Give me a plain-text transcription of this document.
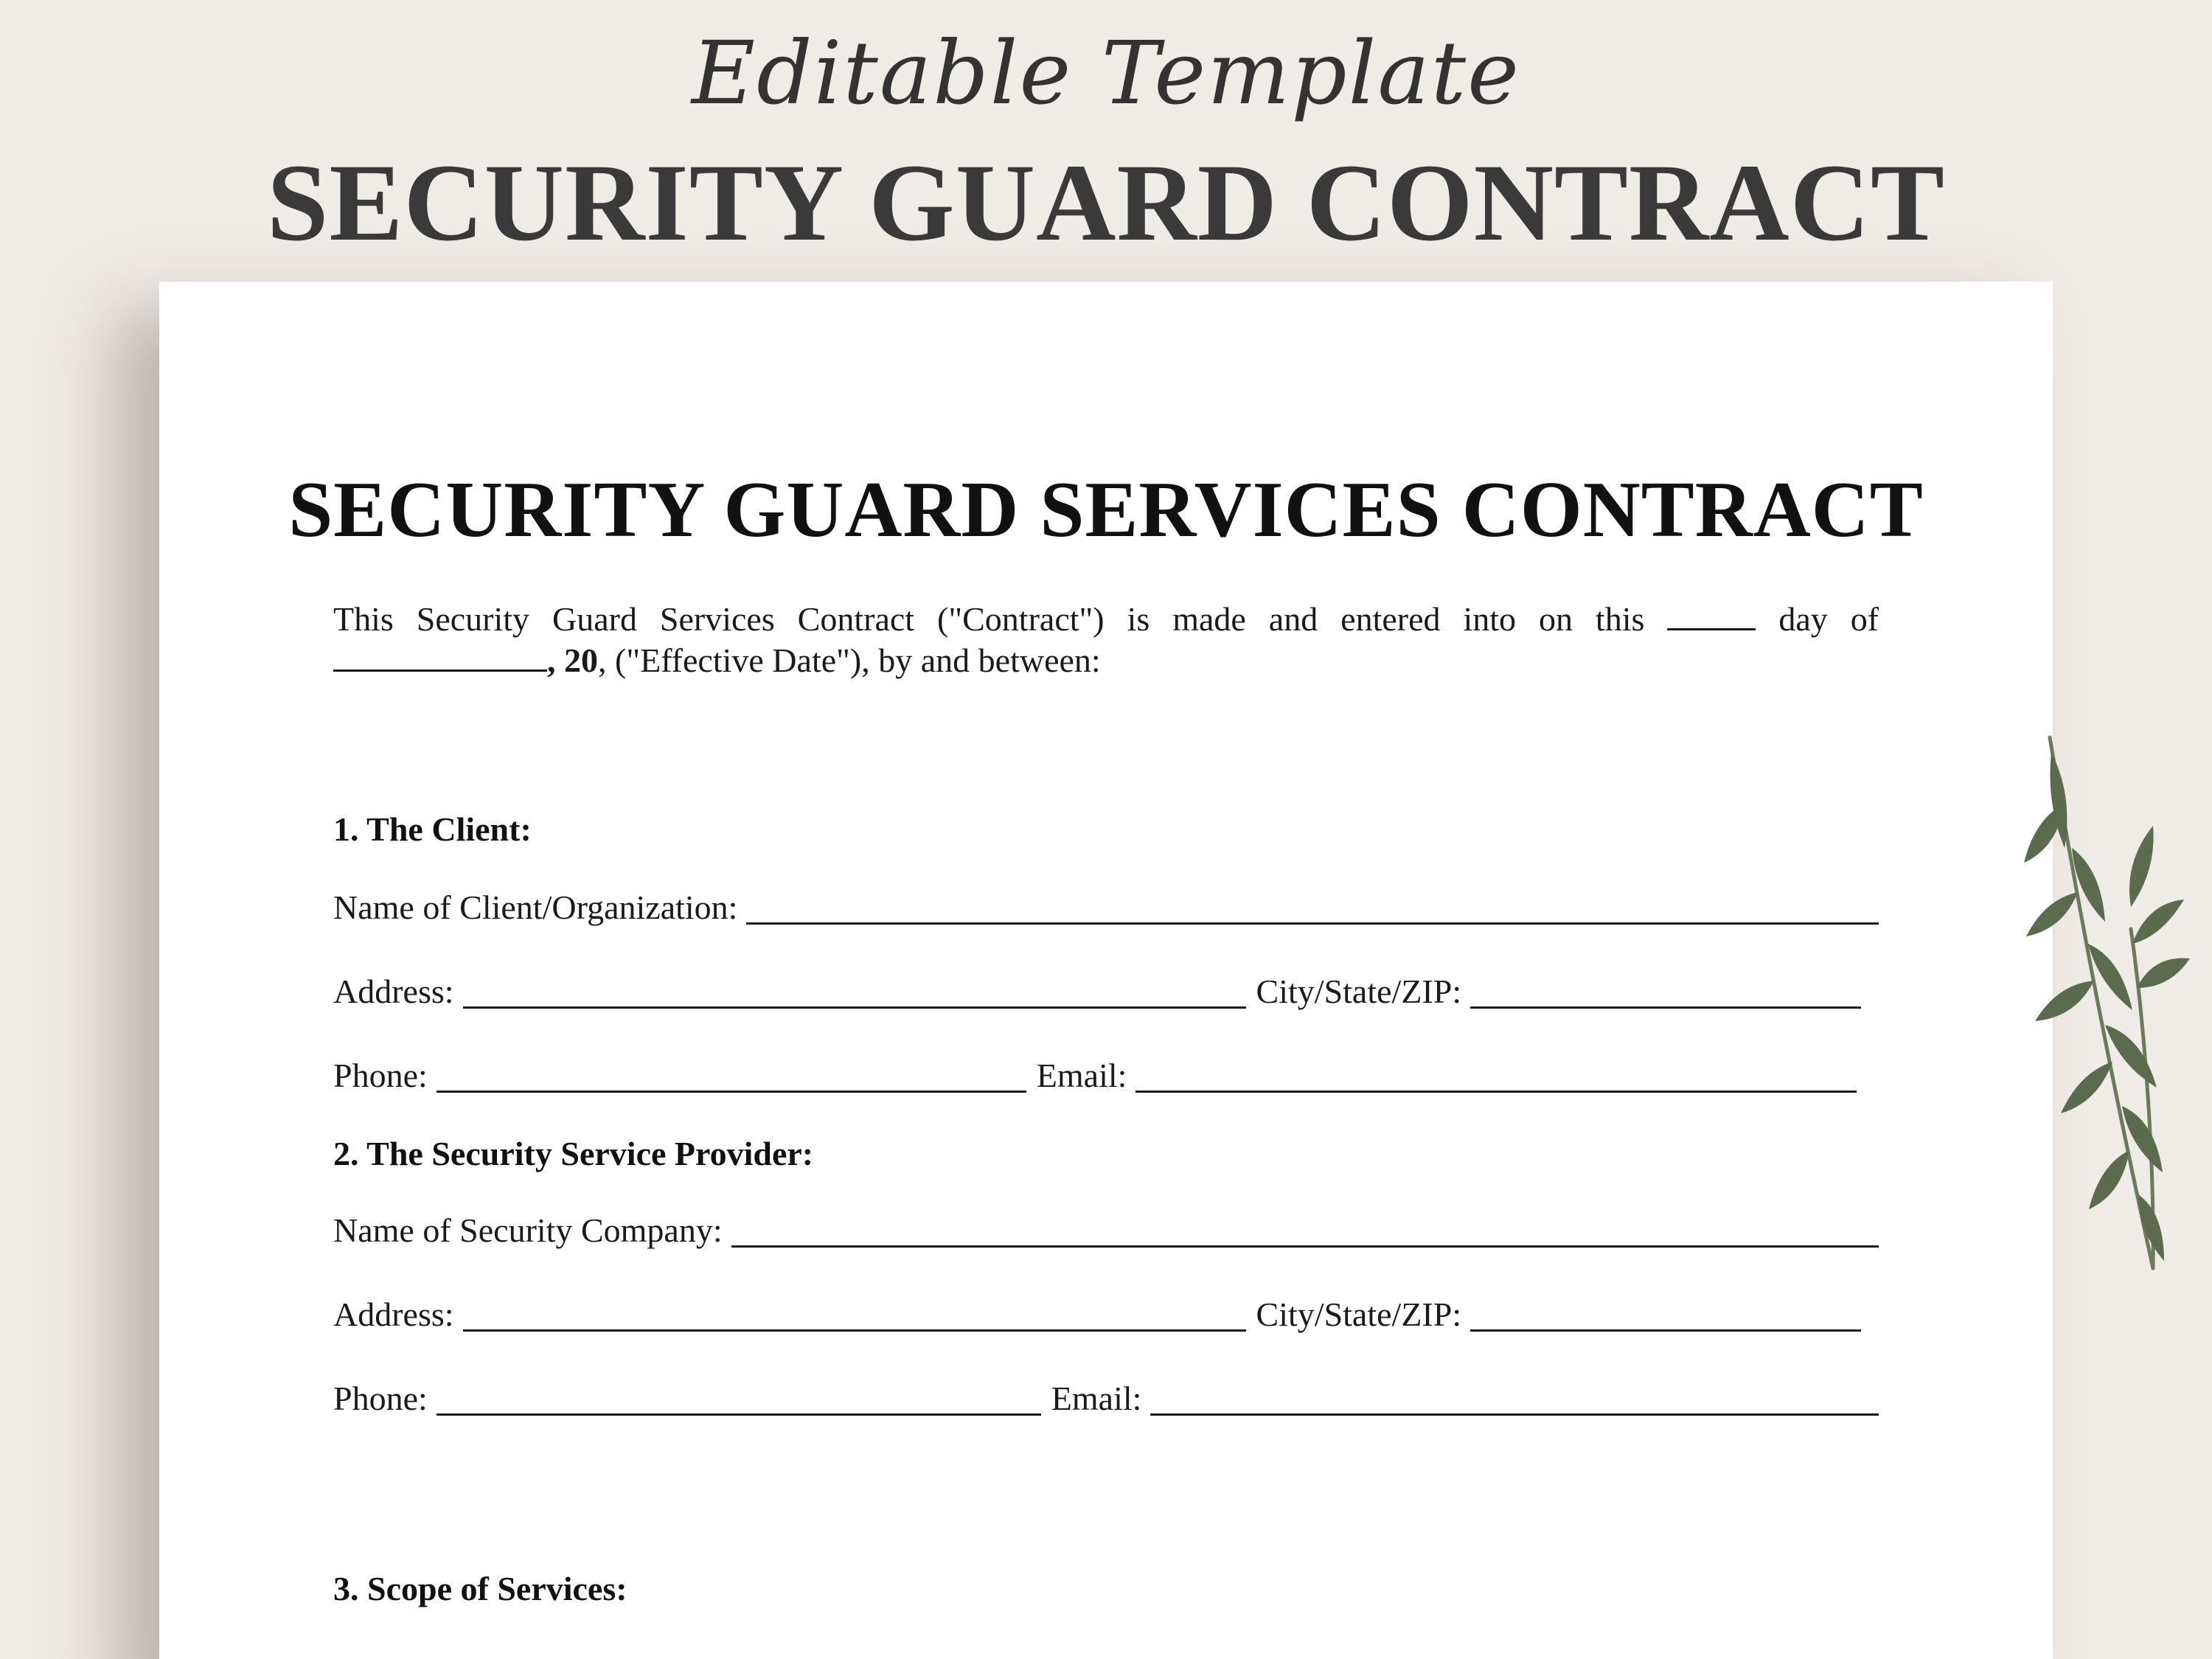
Editable Template
SECURITY GUARD CONTRACT
SECURITY GUARD SERVICES CONTRACT
This Security Guard Services Contract ("Contract") is made and entered into on this	day of , 20, ("Effective Date"), by and between:
1. The Client:
Name of Client/Organization:
Address:	City/State/ZIP:
Phone:	Email:
2. The Security Service Provider:
Name of Security Company:
Address:	City/State/ZIP:
Phone:	Email:
3. Scope of Services:
